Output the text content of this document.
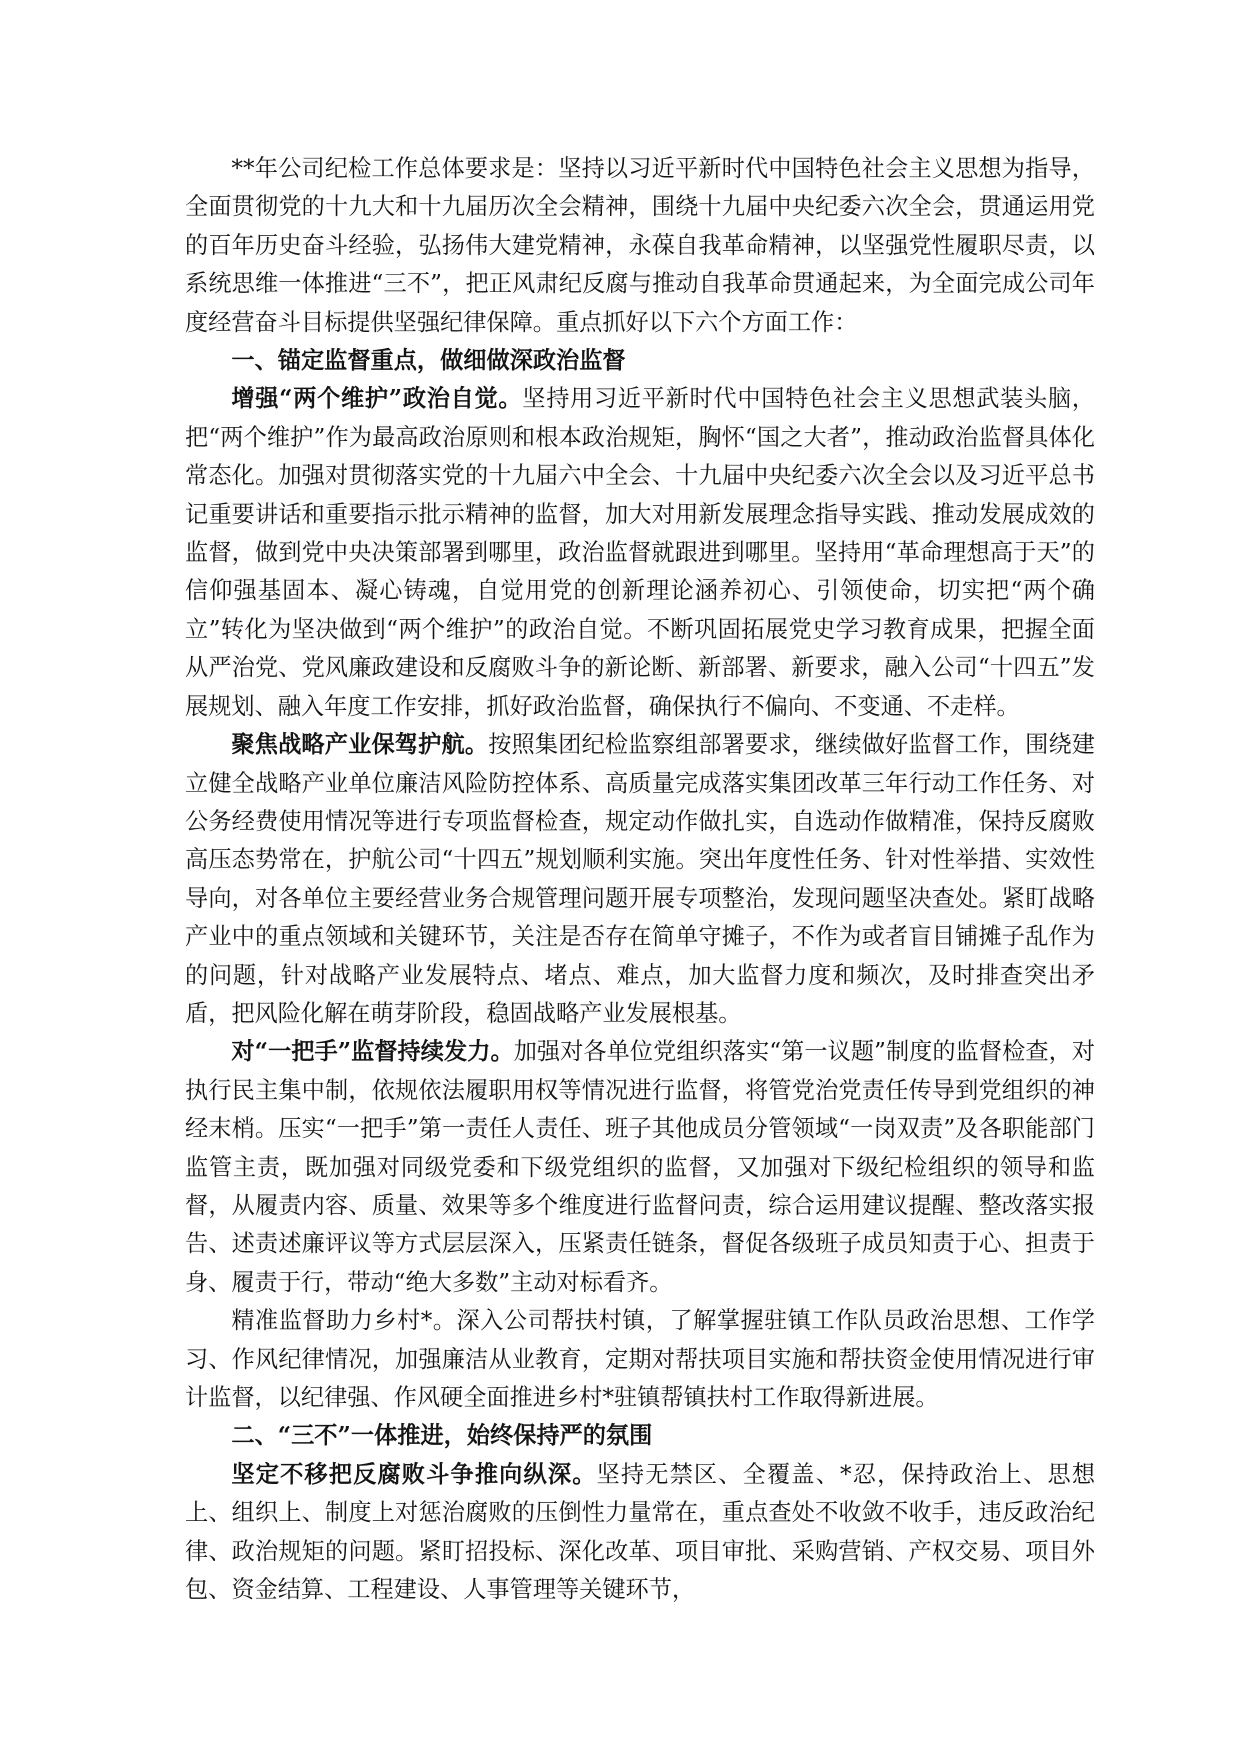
**年公司纪检工作总体要求是：坚持以习近平新时代中国特色社会主义思想为指导，全面贯彻党的十九大和十九届历次全会精神，围绕十九届中央纪委六次全会，贯通运用党的百年历史奋斗经验，弘扬伟大建党精神，永葆自我革命精神，以坚强党性履职尽责，以系统思维一体推进“三不”，把正风肃纪反腐与推动自我革命贯通起来，为全面完成公司年度经营奋斗目标提供坚强纪律保障。重点抓好以下六个方面工作：

一、锚定监督重点，做细做深政治监督

增强“两个维护”政治自觉。坚持用习近平新时代中国特色社会主义思想武装头脑，把“两个维护”作为最高政治原则和根本政治规矩，胸怀“国之大者”，推动政治监督具体化常态化。加强对贯彻落实党的十九届六中全会、十九届中央纪委六次全会以及习近平总书记重要讲话和重要指示批示精神的监督，加大对用新发展理念指导实践、推动发展成效的监督，做到党中央决策部署到哪里，政治监督就跟进到哪里。坚持用“革命理想高于天”的信仰强基固本、凝心铸魂，自觉用党的创新理论涵养初心、引领使命，切实把“两个确立”转化为坚决做到“两个维护”的政治自觉。不断巩固拓展党史学习教育成果，把握全面从严治党、党风廉政建设和反腐败斗争的新论断、新部署、新要求，融入公司“十四五”发展规划、融入年度工作安排，抓好政治监督，确保执行不偏向、不变通、不走样。

聚焦战略产业保驾护航。按照集团纪检监察组部署要求，继续做好监督工作，围绕建立健全战略产业单位廉洁风险防控体系、高质量完成落实集团改革三年行动工作任务、对公务经费使用情况等进行专项监督检查，规定动作做扎实，自选动作做精准，保持反腐败高压态势常在，护航公司“十四五”规划顺利实施。突出年度性任务、针对性举措、实效性导向，对各单位主要经营业务合规管理问题开展专项整治，发现问题坚决查处。紧盯战略产业中的重点领域和关键环节，关注是否存在简单守摊子，不作为或者盲目铺摊子乱作为的问题，针对战略产业发展特点、堵点、难点，加大监督力度和频次，及时排查突出矛盾，把风险化解在萌芽阶段，稳固战略产业发展根基。

对“一把手”监督持续发力。加强对各单位党组织落实“第一议题”制度的监督检查，对执行民主集中制，依规依法履职用权等情况进行监督，将管党治党责任传导到党组织的神经末梢。压实“一把手”第一责任人责任、班子其他成员分管领域“一岗双责”及各职能部门监管主责，既加强对同级党委和下级党组织的监督，又加强对下级纪检组织的领导和监督，从履责内容、质量、效果等多个维度进行监督问责，综合运用建议提醒、整改落实报告、述责述廉评议等方式层层深入，压紧责任链条，督促各级班子成员知责于心、担责于身、履责于行，带动“绝大多数”主动对标看齐。

精准监督助力乡村*。深入公司帮扶村镇，了解掌握驻镇工作队员政治思想、工作学习、作风纪律情况，加强廉洁从业教育，定期对帮扶项目实施和帮扶资金使用情况进行审计监督，以纪律强、作风硬全面推进乡村*驻镇帮镇扶村工作取得新进展。

二、“三不”一体推进，始终保持严的氛围

坚定不移把反腐败斗争推向纵深。坚持无禁区、全覆盖、*忍，保持政治上、思想上、组织上、制度上对惩治腐败的压倒性力量常在，重点查处不收敛不收手，违反政治纪律、政治规矩的问题。紧盯招投标、深化改革、项目审批、采购营销、产权交易、项目外包、资金结算、工程建设、人事管理等关键环节，
